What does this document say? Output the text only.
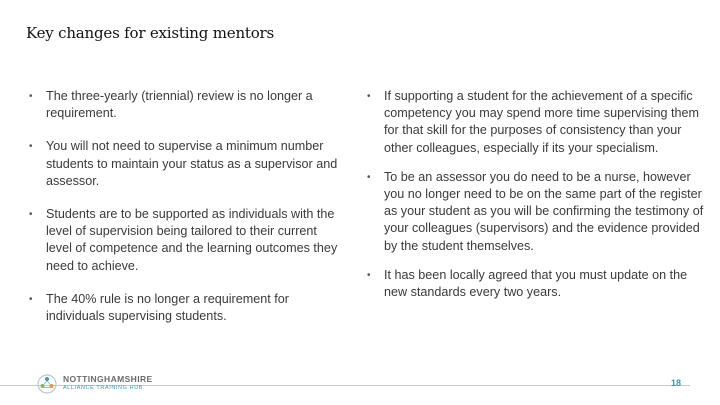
Key changes for existing mentors
• The three-yearly (triennial) review is no longer a requirement.
• You will not need to supervise a minimum number students to maintain your status as a supervisor and assessor.
• Students are to be supported as individuals with the level of supervision being tailored to their current level of competence and the learning outcomes they need to achieve.
• The 40% rule is no longer a requirement for individuals supervising students.
• If supporting a student for the achievement of a specific competency you may spend more time supervising them for that skill for the purposes of consistency than your other colleagues, especially if its your specialism.
• To be an assessor you do need to be a nurse, however you no longer need to be on the same part of the register as your student as you will be confirming the testimony of your colleagues (supervisors) and the evidence provided by the student themselves.
• It has been locally agreed that you must update on the new standards every two years.
NOTTINGHAMSHIRE
ALLIANCE TRAINING HUB	18
